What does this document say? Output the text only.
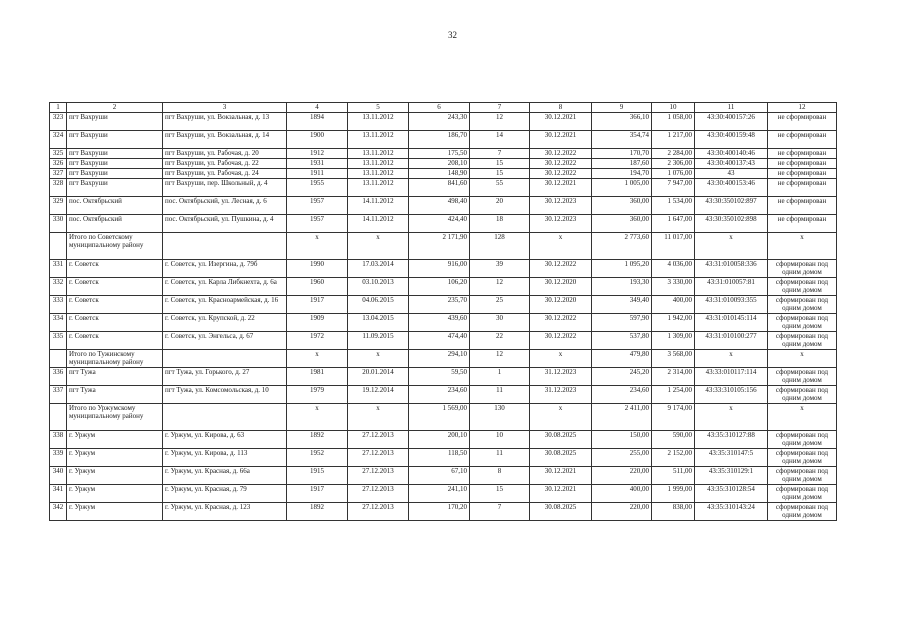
32
1	2	3	4	5	6	7	8	9	10	11	12
323	пгт Вахруши	пгт Вахруши, ул. Вокзальная, д. 13	1894	13.11.2012	243,30	12	30.12.2021	366,10	1 058,00	43:30:400157:26	не сформирован
324	пгт Вахруши	пгт Вахруши, ул. Вокзальная, д. 14	1900	13.11.2012	186,70	14	30.12.2021	354,74	1 217,00	43:30:400159:48	не сформирован
325	пгт Вахруши	пгт Вахруши, ул. Рабочая, д. 20	1912	13.11.2012	175,50	7	30.12.2022	170,70	2 284,00	43:30:400140:46	не сформирован
326	пгт Вахруши	пгт Вахруши, ул. Рабочая, д. 22	1931	13.11.2012	208,10	15	30.12.2022	187,60	2 306,00	43:30:400137:43	не сформирован
327	пгт Вахруши	пгт Вахруши, ул. Рабочая, д. 24	1911	13.11.2012	148,90	15	30.12.2022	194,70	1 076,00	43	не сформирован
328	пгт Вахруши	пгт Вахруши, пер. Школьный, д. 4	1955	13.11.2012	841,60	55	30.12.2021	1 005,00	7 947,00	43:30:400153:46	не сформирован
329	пос. Октябрьский	пос. Октябрьский, ул. Лесная, д. 6	1957	14.11.2012	498,40	20	30.12.2023	360,00	1 534,00	43:30:350102:897	не сформирован
330	пос. Октябрьский	пос. Октябрьский, ул. Пушкина, д. 4	1957	14.11.2012	424,40	18	30.12.2023	360,00	1 647,00	43:30:350102:898	не сформирован
	Итого по Советскому муниципальному району		x	x	2 171,90	128	x	2 773,60	11 017,00	x	x
331	г. Советск	г. Советск, ул. Изергина, д. 79б	1990	17.03.2014	916,00	39	30.12.2022	1 095,20	4 036,00	43:31:010058:336	сформирован под одним домом
332	г. Советск	г. Советск, ул. Карла Либкнехта, д. 6а	1960	03.10.2013	106,20	12	30.12.2020	193,30	3 330,00	43:31:010057:81	сформирован под одним домом
333	г. Советск	г. Советск, ул. Красноармейская, д. 16	1917	04.06.2015	235,70	25	30.12.2020	349,40	400,00	43:31:010093:355	сформирован под одним домом
334	г. Советск	г. Советск, ул. Крупской, д. 22	1909	13.04.2015	439,60	30	30.12.2022	597,90	1 942,00	43:31:010145:114	сформирован под одним домом
335	г. Советск	г. Советск, ул. Энгельса, д. 67	1972	11.09.2015	474,40	22	30.12.2022	537,80	1 309,00	43:31:010100:277	сформирован под одним домом
	Итого по Тужинскому муниципальному району		x	x	294,10	12	x	479,80	3 568,00	x	x
336	пгт Тужа	пгт Тужа, ул. Горького, д. 27	1981	20.01.2014	59,50	1	31.12.2023	245,20	2 314,00	43:33:010117:114	сформирован под одним домом
337	пгт Тужа	пгт Тужа, ул. Комсомольская, д. 10	1979	19.12.2014	234,60	11	31.12.2023	234,60	1 254,00	43:33:310105:156	сформирован под одним домом
	Итого по Уржумскому муниципальному району		x	x	1 569,00	130	x	2 411,00	9 174,00	x	x
338	г. Уржум	г. Уржум, ул. Кирова, д. 63	1892	27.12.2013	200,10	10	30.08.2025	150,00	590,00	43:35:310127:88	сформирован под одним домом
339	г. Уржум	г. Уржум, ул. Кирова, д. 113	1952	27.12.2013	118,50	11	30.08.2025	255,00	2 152,00	43:35:310147:5	сформирован под одним домом
340	г. Уржум	г. Уржум, ул. Красная, д. 66а	1915	27.12.2013	67,10	8	30.12.2021	220,00	511,00	43:35:310129:1	сформирован под одним домом
341	г. Уржум	г. Уржум, ул. Красная, д. 79	1917	27.12.2013	241,10	15	30.12.2021	400,00	1 999,00	43:35:310128:54	сформирован под одним домом
342	г. Уржум	г. Уржум, ул. Красная, д. 123	1892	27.12.2013	170,20	7	30.08.2025	220,00	838,00	43:35:310143:24	сформирован под одним домом
